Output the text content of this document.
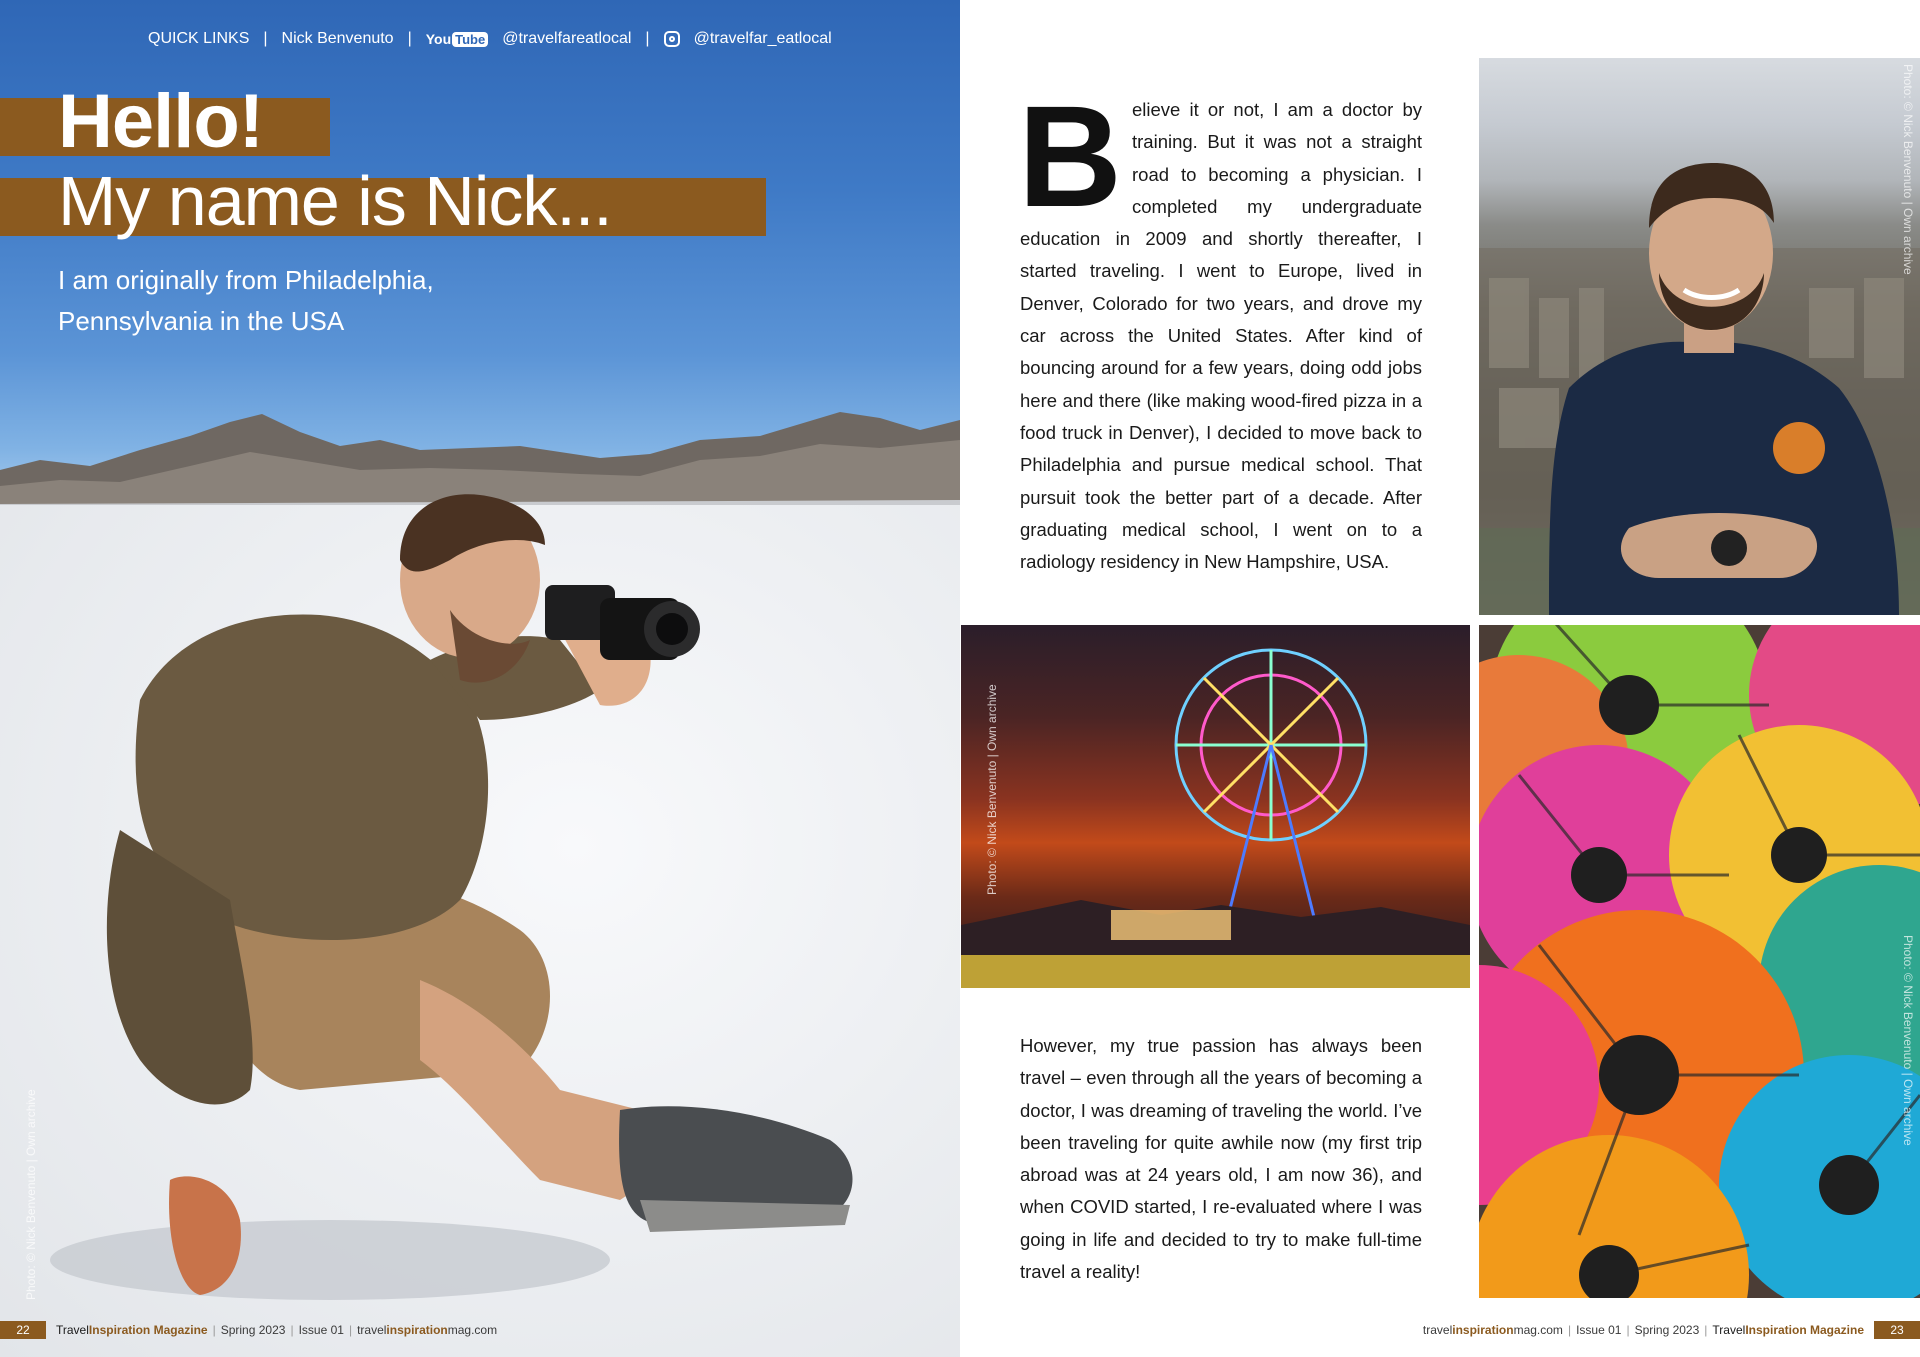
QUICK LINKS | Nick Benvenuto | You Tube @travelfareatlocal |	@travelfar_eatlocal
Hello!
My name is Nick...
I am originally from Philadelphia, Pennsylvania in the USA
Photo: © Nick Benvenuto | Own archive
22	Travel Inspiration Magazine | Spring 2023 | Issue 01 | travelinspirationmag.com
B elieve it or not, I am a doctor by training. But it was not a straight road to becoming a physician. I completed my undergraduate education in 2009 and shortly thereafter, I started traveling. I went to Europe, lived in Denver, Colorado for two years, and drove my car across the United States. After kind of bouncing around for a few years, doing odd jobs here and there (like making wood-fired pizza in a food truck in Denver), I decided to move back to Philadelphia and pursue medical school. That pursuit took the better part of a decade. After graduating medical school, I went on to a radiology residency in New Hampshire, USA.
Photo: © Nick Benvenuto | Own archive
Photo: © Nick Benvenuto | Own archive
Photo: © Nick Benvenuto | Own archive
However, my true passion has always been travel – even through all the years of becoming a doctor, I was dreaming of traveling the world. I’ve been traveling for quite awhile now (my first trip abroad was at 24 years old, I am now 36), and when COVID started, I re-evaluated where I was going in life and decided to try to make full-time travel a reality!
travelinspirationmag.com | Issue 01 | Spring 2023 | Travel Inspiration Magazine	23
